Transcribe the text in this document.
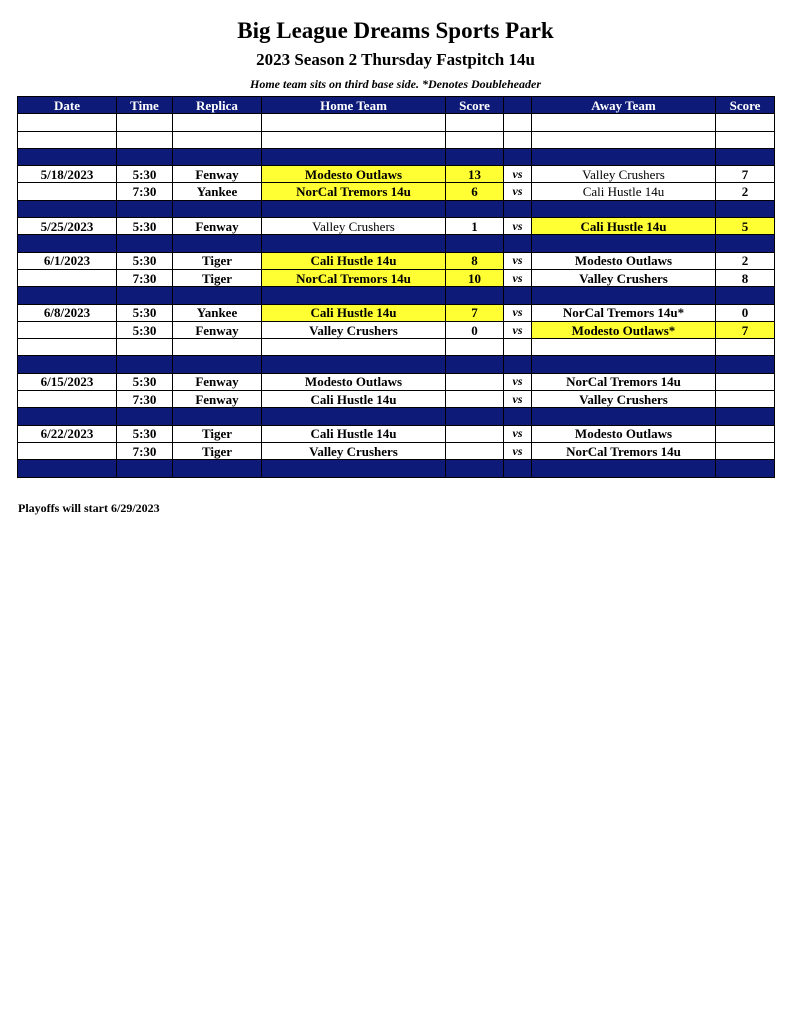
Big League Dreams Sports Park
2023 Season 2 Thursday Fastpitch 14u
Home team sits on third base side. *Denotes Doubleheader
Date	Time	Replica	Home Team	Score		Away Team	Score

5/18/2023	5:30	Fenway	Modesto Outlaws	13	vs	Valley Crushers	7
	7:30	Yankee	NorCal Tremors 14u	6	vs	Cali Hustle 14u	2

5/25/2023	5:30	Fenway	Valley Crushers	1	vs	Cali Hustle 14u	5

6/1/2023	5:30	Tiger	Cali Hustle 14u	8	vs	Modesto Outlaws	2
	7:30	Tiger	NorCal Tremors 14u	10	vs	Valley Crushers	8

6/8/2023	5:30	Yankee	Cali Hustle 14u	7	vs	NorCal Tremors 14u*	0
	5:30	Fenway	Valley Crushers	0	vs	Modesto Outlaws*	7

6/15/2023	5:30	Fenway	Modesto Outlaws		vs	NorCal Tremors 14u	
	7:30	Fenway	Cali Hustle 14u		vs	Valley Crushers	

6/22/2023	5:30	Tiger	Cali Hustle 14u		vs	Modesto Outlaws	
	7:30	Tiger	Valley Crushers		vs	NorCal Tremors 14u	

Playoffs will start 6/29/2023
